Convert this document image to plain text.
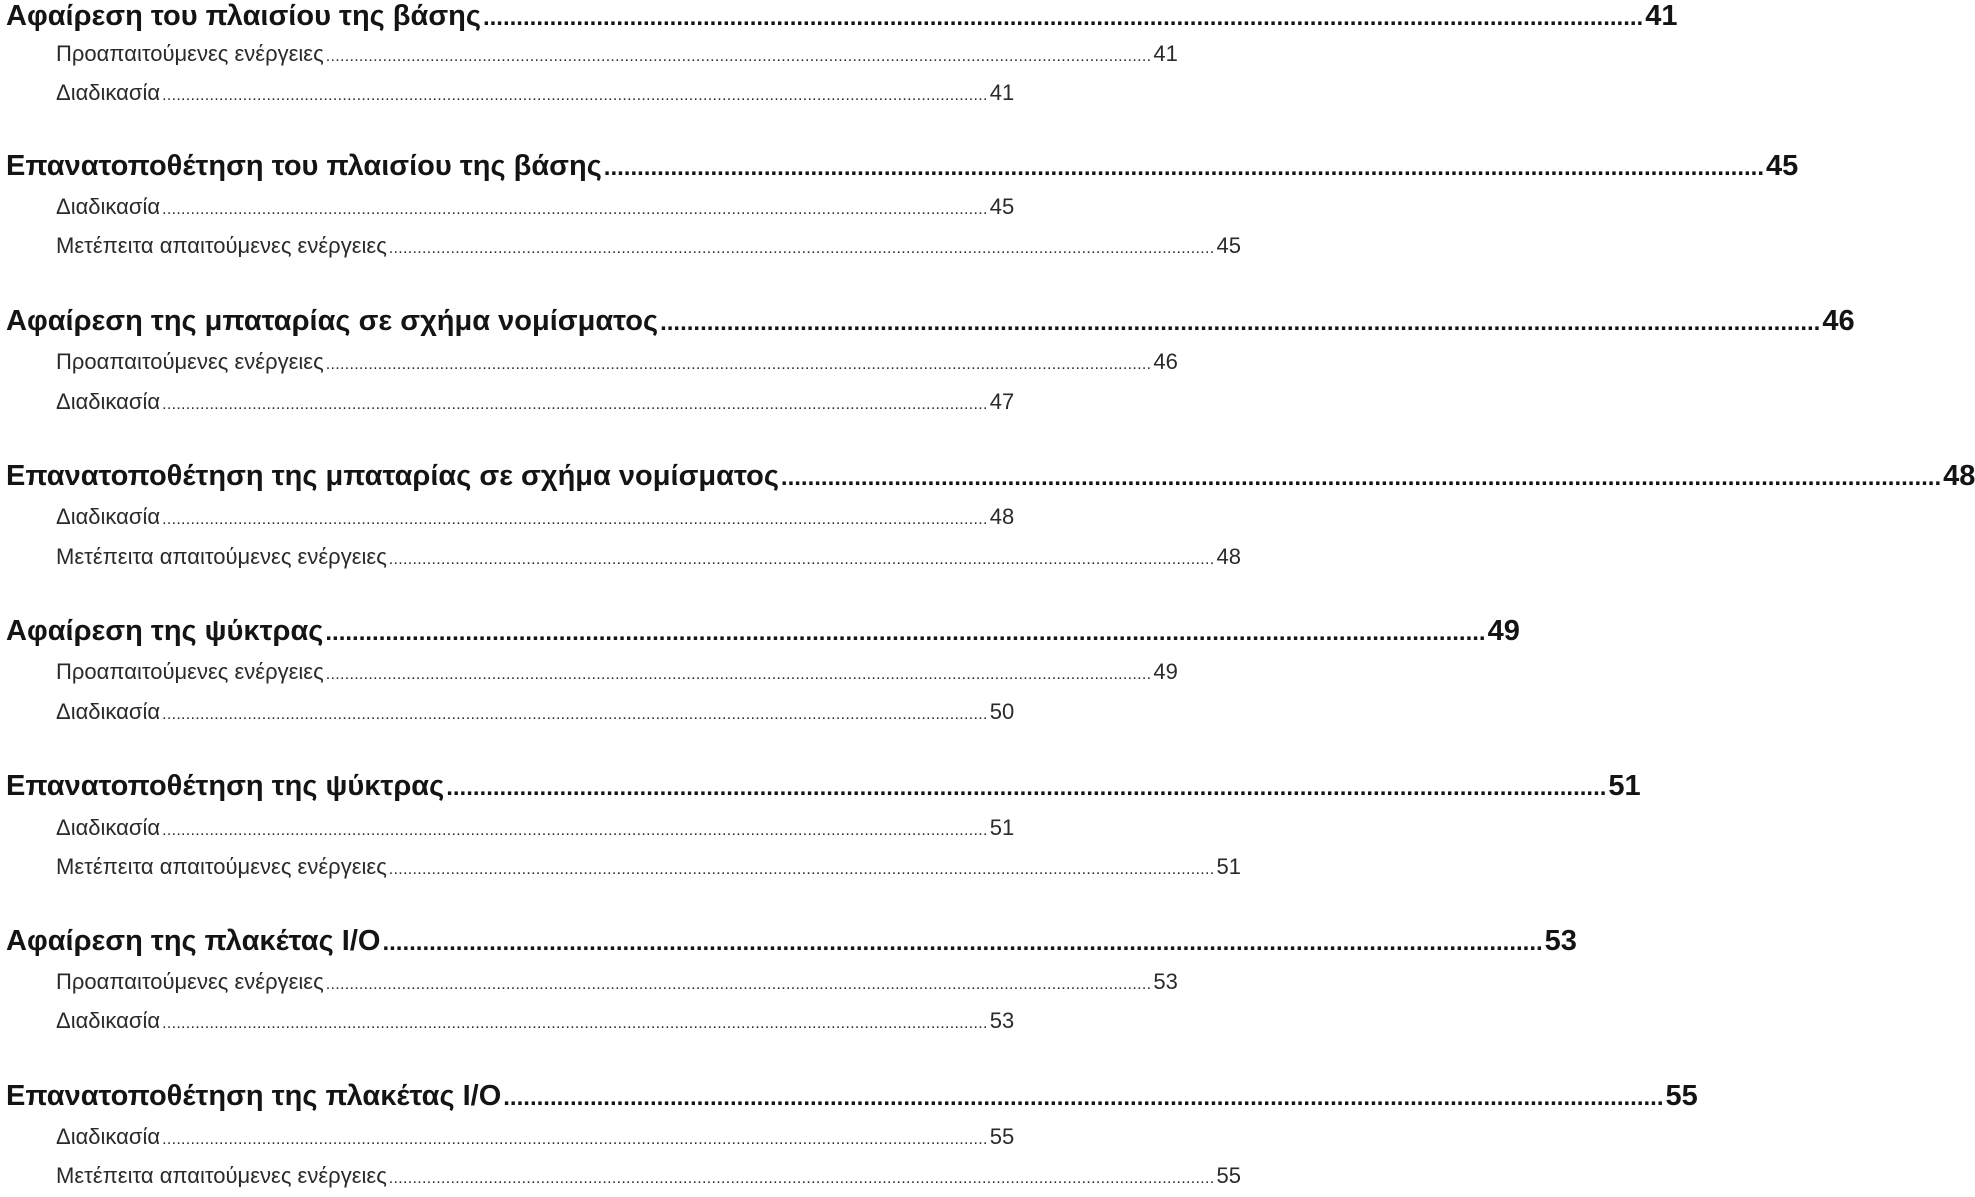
Αφαίρεση του πλαισίου της βάσης .............................................................................................................................................................................. 41
Προαπαιτούμενες ενέργειες .............................................................................................................................................................................. 41
Διαδικασία .............................................................................................................................................................................. 41
Επανατοποθέτηση του πλαισίου της βάσης .............................................................................................................................................................................. 45
Διαδικασία .............................................................................................................................................................................. 45
Μετέπειτα απαιτούμενες ενέργειες .............................................................................................................................................................................. 45
Αφαίρεση της μπαταρίας σε σχήμα νομίσματος .............................................................................................................................................................................. 46
Προαπαιτούμενες ενέργειες .............................................................................................................................................................................. 46
Διαδικασία .............................................................................................................................................................................. 47
Επανατοποθέτηση της μπαταρίας σε σχήμα νομίσματος .............................................................................................................................................................................. 48
Διαδικασία .............................................................................................................................................................................. 48
Μετέπειτα απαιτούμενες ενέργειες .............................................................................................................................................................................. 48
Αφαίρεση της ψύκτρας .............................................................................................................................................................................. 49
Προαπαιτούμενες ενέργειες .............................................................................................................................................................................. 49
Διαδικασία .............................................................................................................................................................................. 50
Επανατοποθέτηση της ψύκτρας .............................................................................................................................................................................. 51
Διαδικασία .............................................................................................................................................................................. 51
Μετέπειτα απαιτούμενες ενέργειες .............................................................................................................................................................................. 51
Αφαίρεση της πλακέτας I/O .............................................................................................................................................................................. 53
Προαπαιτούμενες ενέργειες .............................................................................................................................................................................. 53
Διαδικασία .............................................................................................................................................................................. 53
Επανατοποθέτηση της πλακέτας I/O .............................................................................................................................................................................. 55
Διαδικασία .............................................................................................................................................................................. 55
Μετέπειτα απαιτούμενες ενέργειες .............................................................................................................................................................................. 55
